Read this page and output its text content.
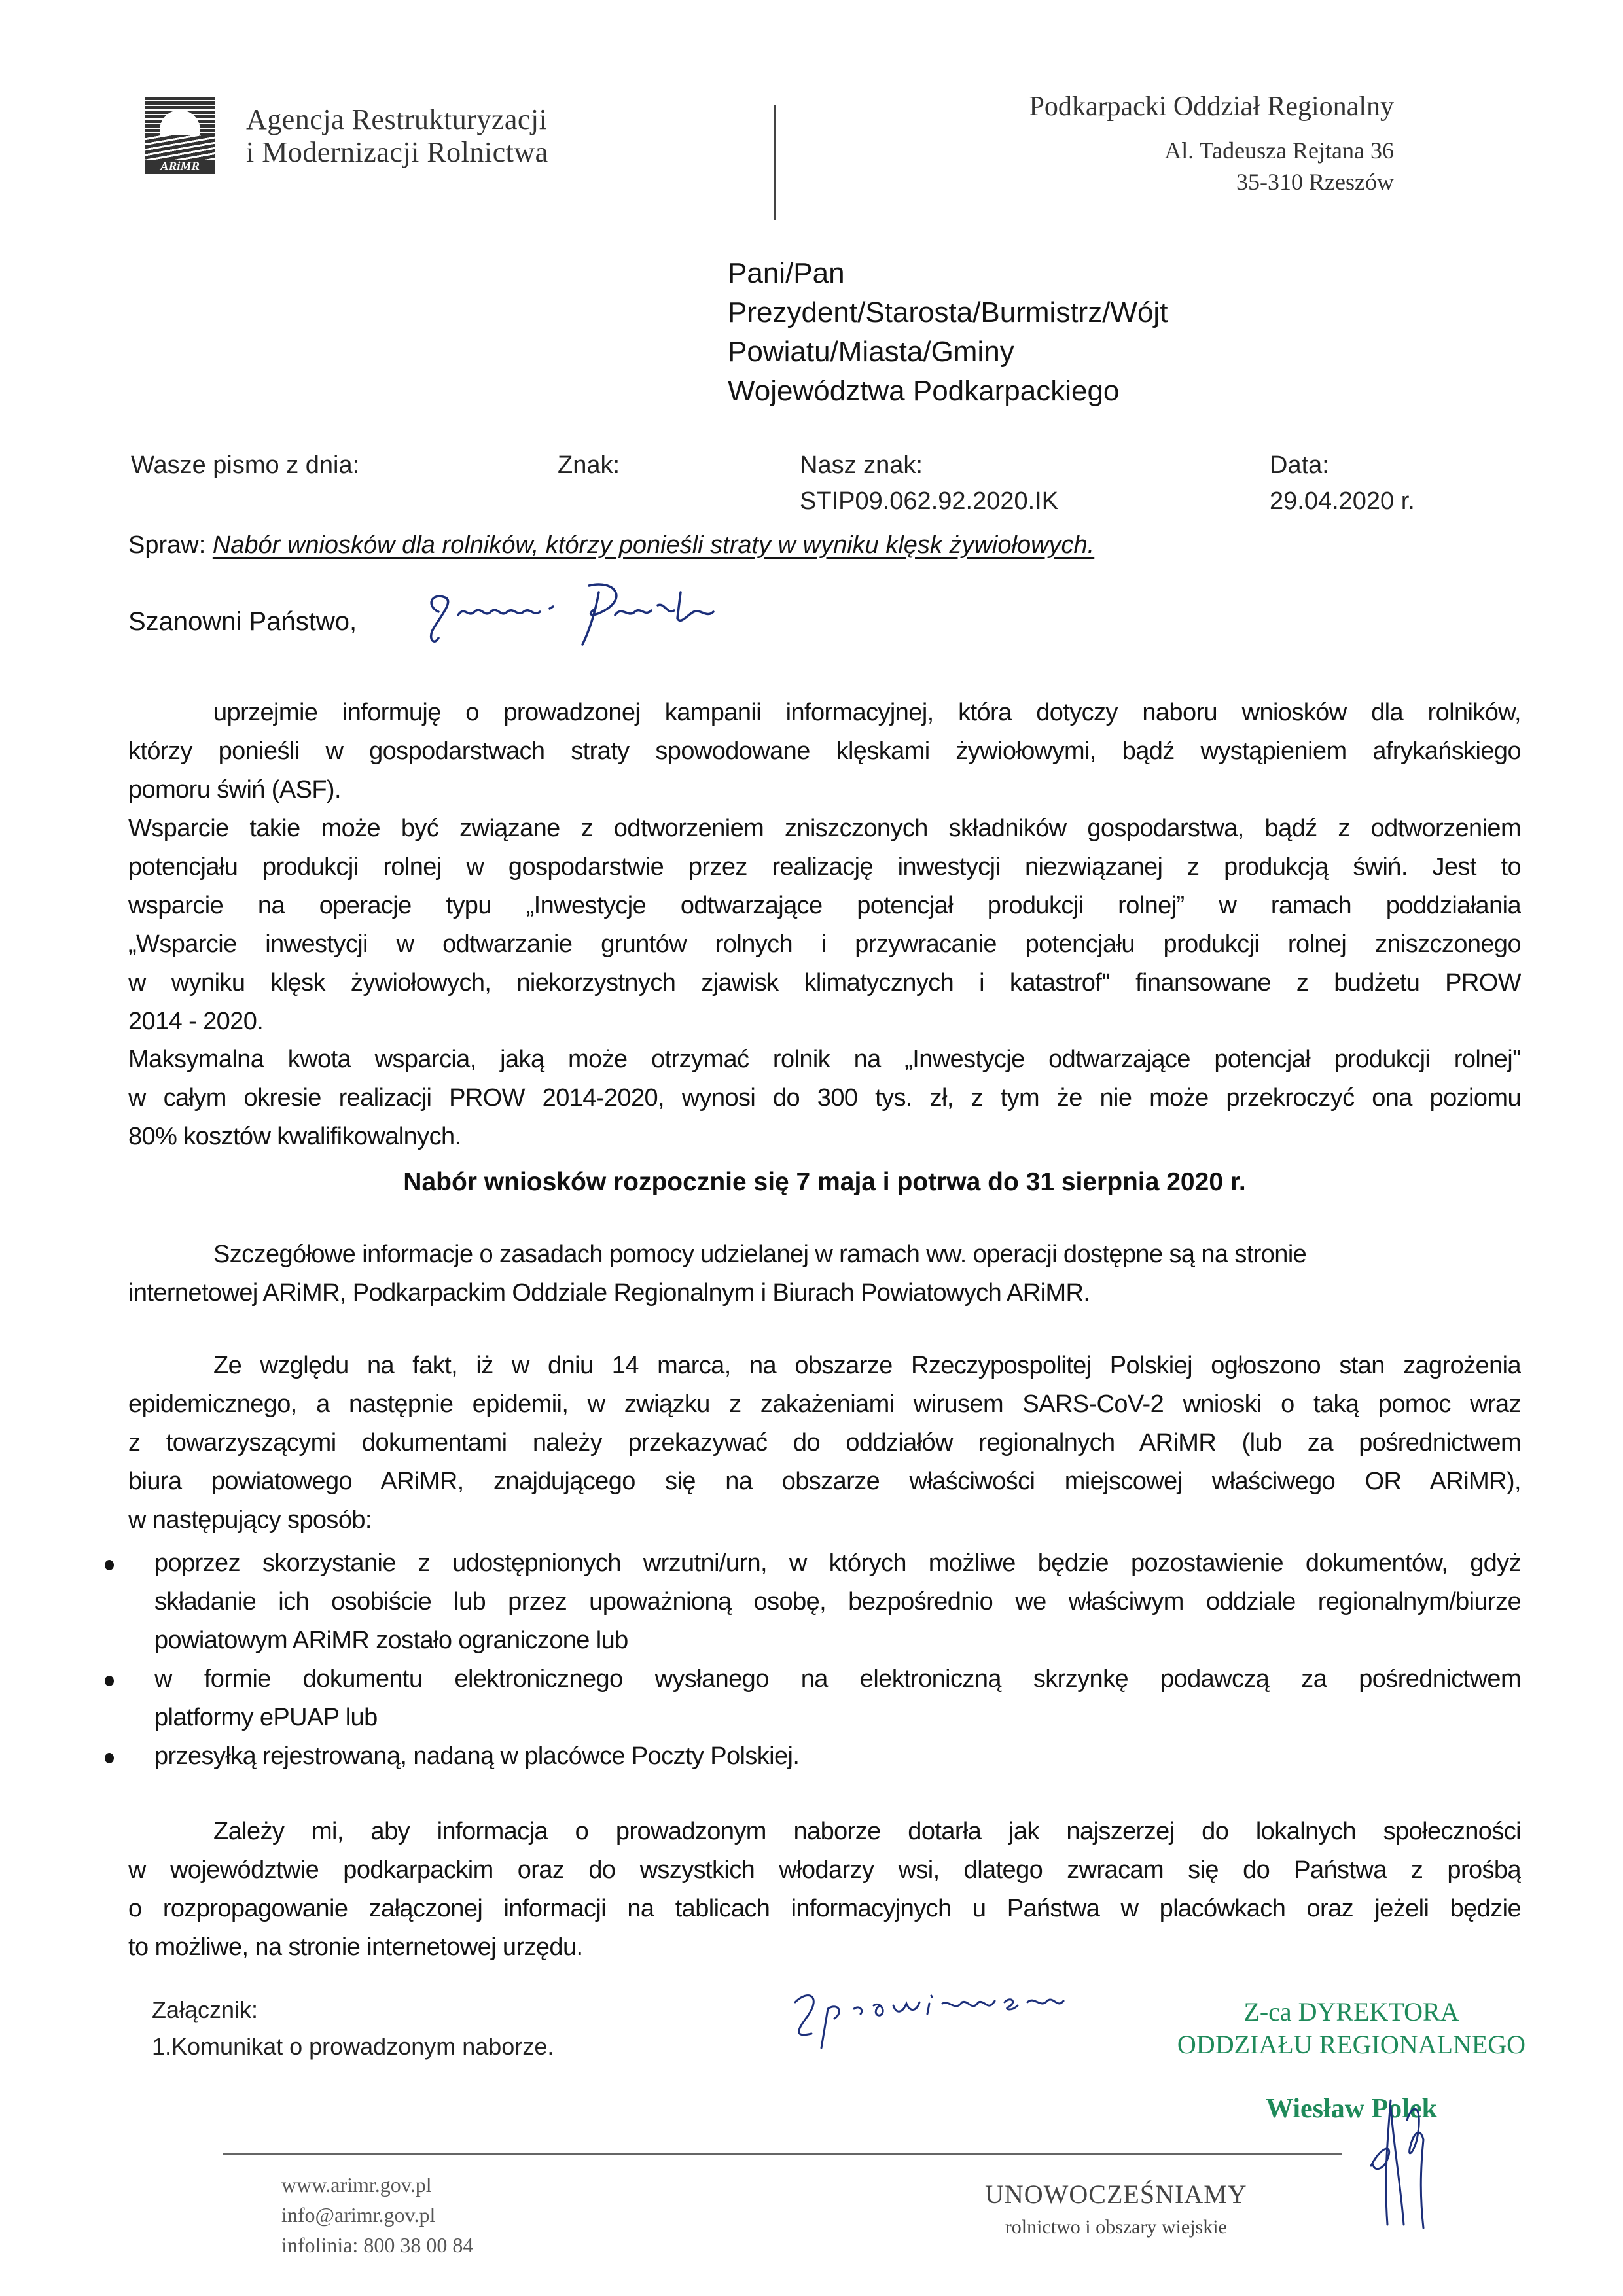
ARiMR
Agencja Restrukturyzacji
i Modernizacji Rolnictwa
Podkarpacki Oddział Regionalny
Al. Tadeusza Rejtana 36
35-310 Rzeszów
Pani/Pan
Prezydent/Starosta/Burmistrz/Wójt
Powiatu/Miasta/Gminy
Województwa Podkarpackiego
Wasze pismo z dnia:	Znak:	Nasz znak:
STIP09.062.92.2020.IK
Data:
29.04.2020 r.
Spraw: Nabór wniosków dla rolników, którzy ponieśli straty w wyniku klęsk żywiołowych.
Szanowni Państwo,
uprzejmie informuję o prowadzonej kampanii informacyjnej, która dotyczy naboru wniosków dla rolników,
którzy ponieśli w gospodarstwach straty spowodowane klęskami żywiołowymi, bądź wystąpieniem afrykańskiego
pomoru świń (ASF).
Wsparcie takie może być związane z odtworzeniem zniszczonych składników gospodarstwa, bądź z odtworzeniem
potencjału produkcji rolnej w gospodarstwie przez realizację inwestycji niezwiązanej z produkcją świń. Jest to
wsparcie na operacje typu „Inwestycje odtwarzające potencjał produkcji rolnej” w ramach poddziałania
„Wsparcie inwestycji w odtwarzanie gruntów rolnych i przywracanie potencjału produkcji rolnej zniszczonego
w wyniku klęsk żywiołowych, niekorzystnych zjawisk klimatycznych i katastrof" finansowane z budżetu PROW
2014 - 2020.
Maksymalna kwota wsparcia, jaką może otrzymać rolnik na „Inwestycje odtwarzające potencjał produkcji rolnej"
w całym okresie realizacji PROW 2014-2020, wynosi do 300 tys. zł, z tym że nie może przekroczyć ona poziomu
80% kosztów kwalifikowalnych.
Nabór wniosków rozpocznie się 7 maja i potrwa do 31 sierpnia 2020 r.
Szczegółowe informacje o zasadach pomocy udzielanej w ramach ww. operacji dostępne są na stronie
internetowej ARiMR, Podkarpackim Oddziale Regionalnym i Biurach Powiatowych ARiMR.
Ze względu na fakt, iż w dniu 14 marca, na obszarze Rzeczypospolitej Polskiej ogłoszono stan zagrożenia
epidemicznego, a następnie epidemii, w związku z zakażeniami wirusem SARS-CoV-2 wnioski o taką pomoc wraz
z towarzyszącymi dokumentami należy przekazywać do oddziałów regionalnych ARiMR (lub za pośrednictwem
biura powiatowego ARiMR, znajdującego się na obszarze właściwości miejscowej właściwego OR ARiMR),
w następujący sposób:
poprzez skorzystanie z udostępnionych wrzutni/urn, w których możliwe będzie pozostawienie dokumentów, gdyż
składanie ich osobiście lub przez upoważnioną osobę, bezpośrednio we właściwym oddziale regionalnym/biurze
powiatowym ARiMR zostało ograniczone lub
w formie dokumentu elektronicznego wysłanego na elektroniczną skrzynkę podawczą za pośrednictwem
platformy ePUAP lub
przesyłką rejestrowaną, nadaną w placówce Poczty Polskiej.
Zależy mi, aby informacja o prowadzonym naborze dotarła jak najszerzej do lokalnych społeczności
w województwie podkarpackim oraz do wszystkich włodarzy wsi, dlatego zwracam się do Państwa z prośbą
o rozpropagowanie załączonej informacji na tablicach informacyjnych u Państwa w placówkach oraz jeżeli będzie
to możliwe, na stronie internetowej urzędu.
Załącznik:
1.Komunikat o prowadzonym naborze.
Z-ca DYREKTORA
ODDZIAŁU REGIONALNEGO
Wiesław Polek
www.arimr.gov.pl
info@arimr.gov.pl
infolinia: 800 38 00 84
UNOWOCZEŚNIAMY
rolnictwo i obszary wiejskie
